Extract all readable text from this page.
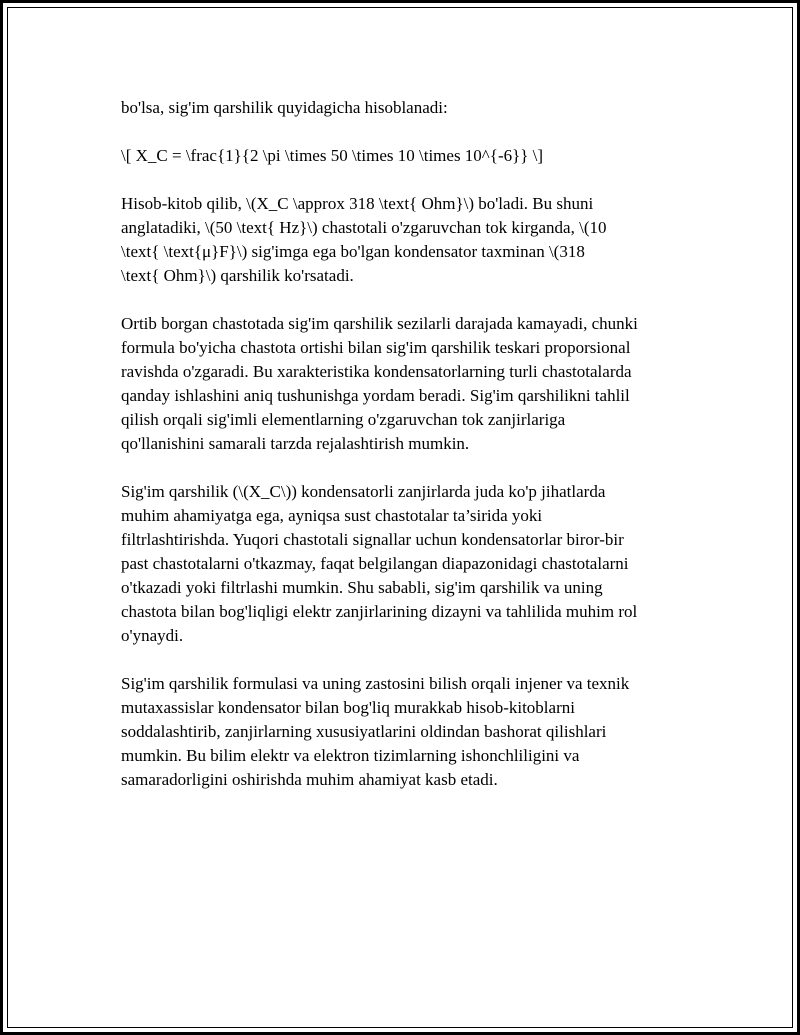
bo'lsa, sig'im qarshilik quyidagicha hisoblanadi:

\[ X_C = \frac{1}{2 \pi \times 50 \times 10 \times 10^{-6}} \]

Hisob-kitob qilib, \(X_C \approx 318 \text{ Ohm}\) bo'ladi. Bu shuni
anglatadiki, \(50 \text{ Hz}\) chastotali o'zgaruvchan tok kirganda, \(10
\text{ \text{μ}F}\) sig'imga ega bo'lgan kondensator taxminan \(318
\text{ Ohm}\) qarshilik ko'rsatadi.

Ortib borgan chastotada sig'im qarshilik sezilarli darajada kamayadi, chunki
formula bo'yicha chastota ortishi bilan sig'im qarshilik teskari proporsional
ravishda o'zgaradi. Bu xarakteristika kondensatorlarning turli chastotalarda
qanday ishlashini aniq tushunishga yordam beradi. Sig'im qarshilikni tahlil
qilish orqali sig'imli elementlarning o'zgaruvchan tok zanjirlariga
qo'llanishini samarali tarzda rejalashtirish mumkin.

Sig'im qarshilik (\(X_C\)) kondensatorli zanjirlarda juda ko'p jihatlarda
muhim ahamiyatga ega, ayniqsa sust chastotalar ta’sirida yoki
filtrlashtirishda. Yuqori chastotali signallar uchun kondensatorlar biror-bir
past chastotalarni o'tkazmay, faqat belgilangan diapazonidagi chastotalarni
o'tkazadi yoki filtrlashi mumkin. Shu sababli, sig'im qarshilik va uning
chastota bilan bog'liqligi elektr zanjirlarining dizayni va tahlilida muhim rol
o'ynaydi.

Sig'im qarshilik formulasi va uning zastosini bilish orqali injener va texnik
mutaxassislar kondensator bilan bog'liq murakkab hisob-kitoblarni
soddalashtirib, zanjirlarning xususiyatlarini oldindan bashorat qilishlari
mumkin. Bu bilim elektr va elektron tizimlarning ishonchliligini va
samaradorligini oshirishda muhim ahamiyat kasb etadi.
